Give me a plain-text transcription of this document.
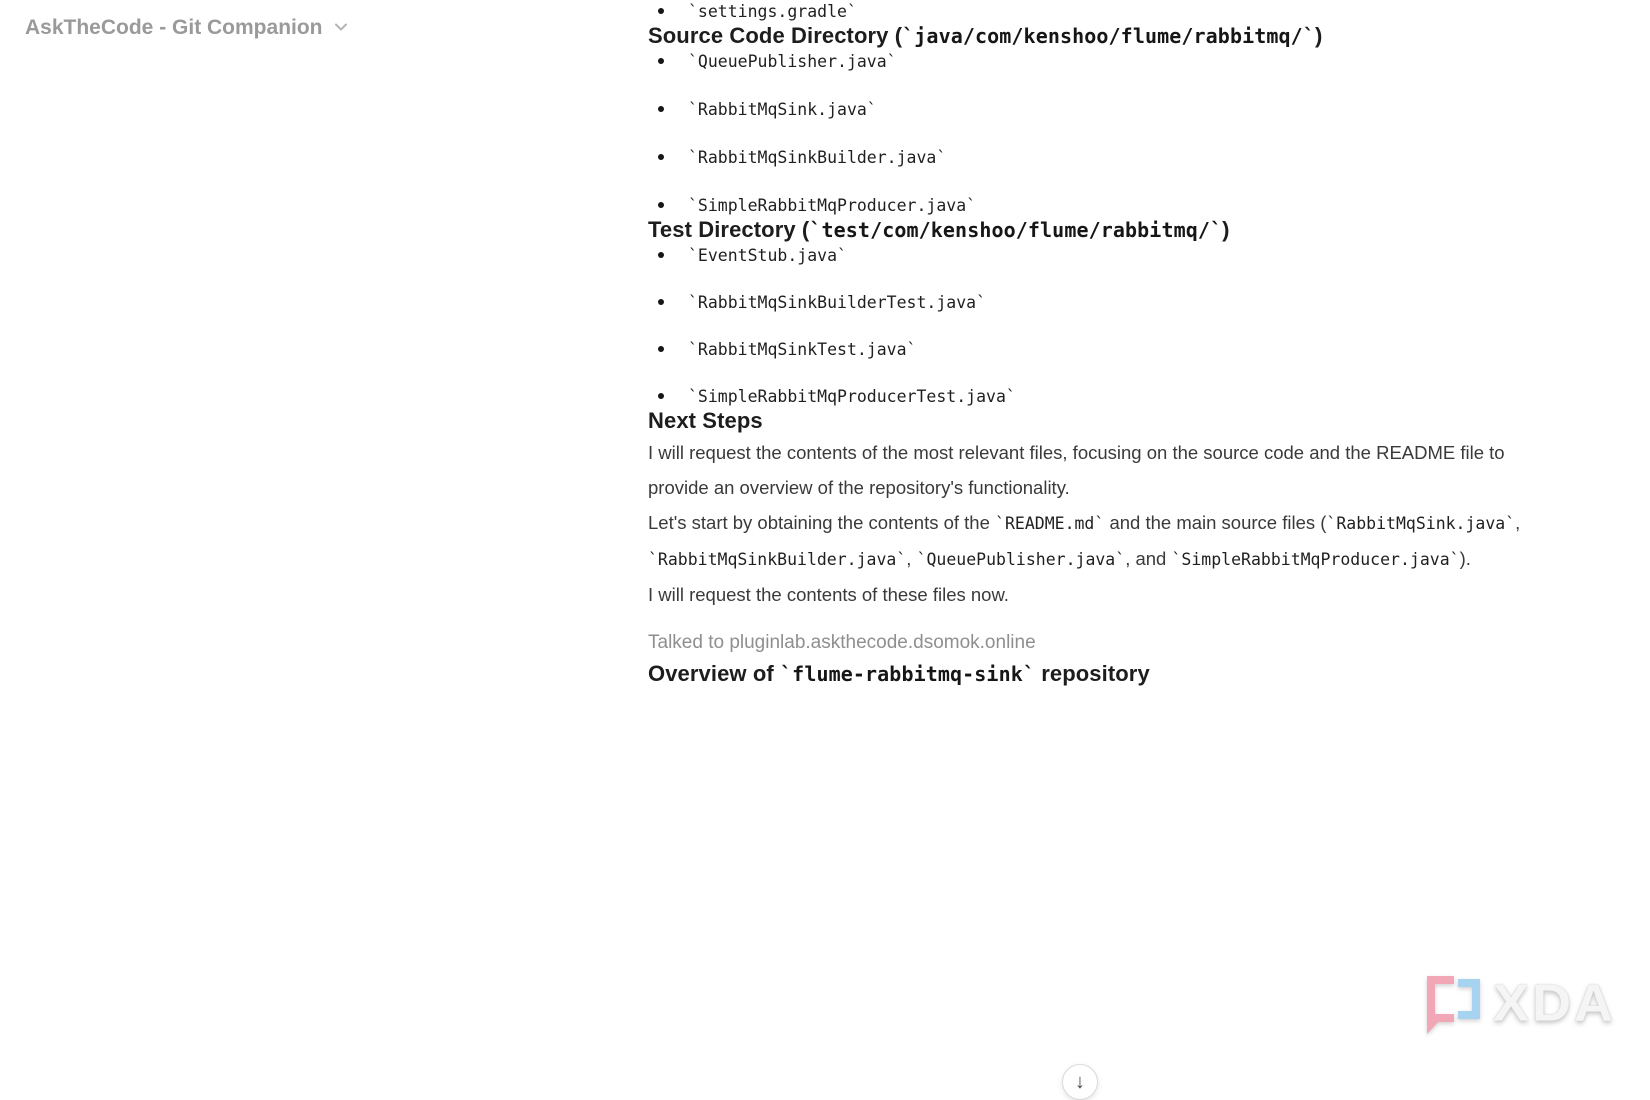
AskTheCode - Git Companion
`settings.gradle`
Source Code Directory (`java/com/kenshoo/flume/rabbitmq/`)
`QueuePublisher.java`
`RabbitMqSink.java`
`RabbitMqSinkBuilder.java`
`SimpleRabbitMqProducer.java`
Test Directory (`test/com/kenshoo/flume/rabbitmq/`)
`EventStub.java`
`RabbitMqSinkBuilderTest.java`
`RabbitMqSinkTest.java`
`SimpleRabbitMqProducerTest.java`
Next Steps

I will request the contents of the most relevant files, focusing on the source code and the README file to provide an overview of the repository's functionality.

Let's start by obtaining the contents of the `README.md` and the main source files (`RabbitMqSink.java`, `RabbitMqSinkBuilder.java`, `QueuePublisher.java`, and `SimpleRabbitMqProducer.java`).

I will request the contents of these files now.

Talked to pluginlab.askthecode.dsomok.online
Overview of `flume-rabbitmq-sink` repository
↓
XDA
